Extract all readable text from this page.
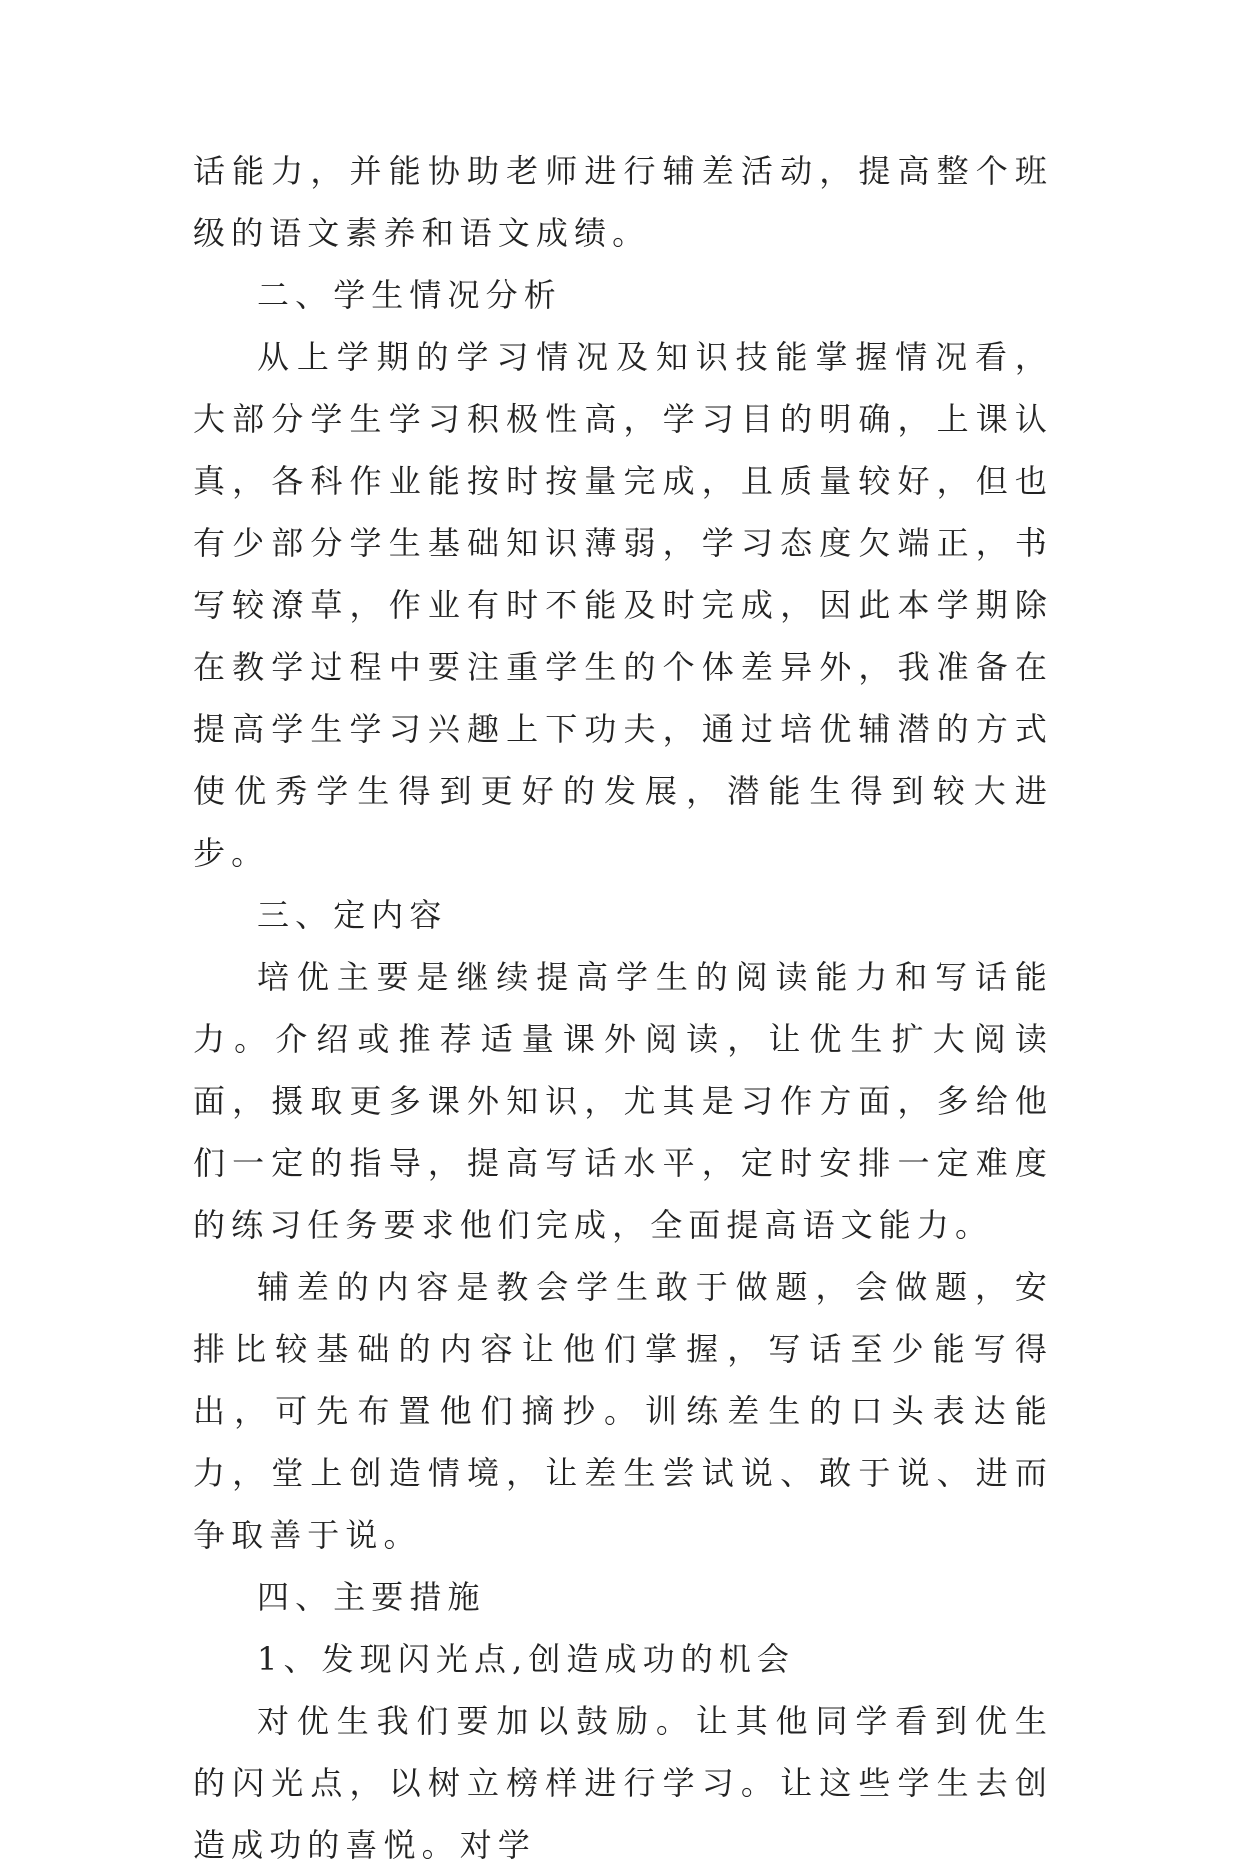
话能力，并能协助老师进行辅差活动，提高整个班级的语文素养和语文成绩。

二、学生情况分析

从上学期的学习情况及知识技能掌握情况看，大部分学生学习积极性高，学习目的明确，上课认真，各科作业能按时按量完成，且质量较好，但也有少部分学生基础知识薄弱，学习态度欠端正，书写较潦草，作业有时不能及时完成，因此本学期除在教学过程中要注重学生的个体差异外，我准备在提高学生学习兴趣上下功夫，通过培优辅潜的方式使优秀学生得到更好的发展，潜能生得到较大进步。

三、定内容

培优主要是继续提高学生的阅读能力和写话能力。介绍或推荐适量课外阅读，让优生扩大阅读面，摄取更多课外知识，尤其是习作方面，多给他们一定的指导，提高写话水平，定时安排一定难度的练习任务要求他们完成，全面提高语文能力。

辅差的内容是教会学生敢于做题，会做题，安排比较基础的内容让他们掌握，写话至少能写得出，可先布置他们摘抄。训练差生的口头表达能力，堂上创造情境，让差生尝试说、敢于说、进而争取善于说。

四、主要措施

1、发现闪光点,创造成功的机会

对优生我们要加以鼓励。让其他同学看到优生的闪光点，以树立榜样进行学习。让这些学生去创造成功的喜悦。对学
